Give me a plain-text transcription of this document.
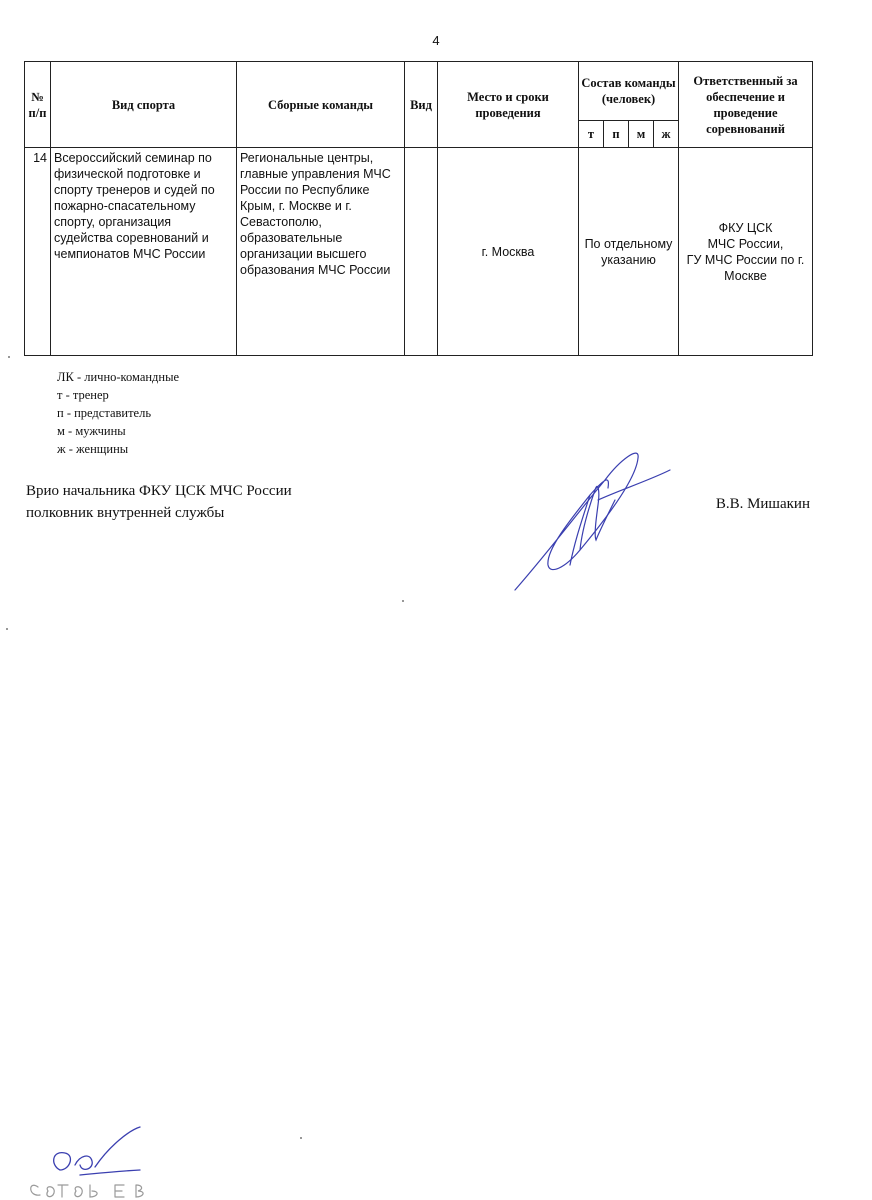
4
№ п/п	Вид спорта	Сборные команды	Вид	Место и сроки проведения	Состав команды (человек)				Ответственный за обеспечение и проведение соревнований
					т	п	м	ж	
14	Всероссийский семинар по физической подготовке и спорту тренеров и судей по пожарно-спасательному спорту, организация судейства соревнований и чемпионатов МЧС России	Региональные центры, главные управления МЧС России по Республике Крым, г. Москве и г. Севастополю, образовательные организации высшего образования МЧС России		г. Москва	По отдельному указанию				ФКУ ЦСК
МЧС России,
ГУ МЧС России по г. Москве
ЛК - лично-командные
т - тренер
п - представитель
м - мужчины
ж - женщины
Врио начальника ФКУ ЦСК МЧС России
полковник внутренней службы
В.В. Мишакин
